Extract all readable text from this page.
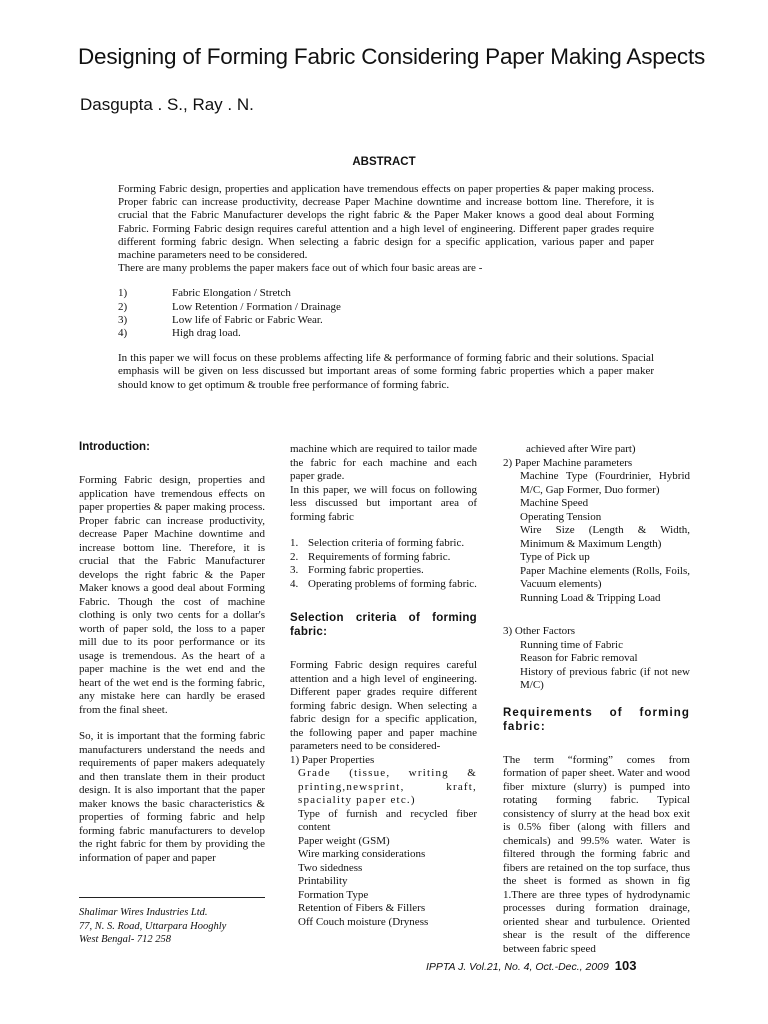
Designing of Forming Fabric Considering Paper Making Aspects

Dasgupta . S., Ray . N.

ABSTRACT

Forming Fabric design, properties and application have tremendous effects on paper properties & paper making process. Proper fabric can increase productivity, decrease Paper Machine downtime and increase bottom line. Therefore, it is crucial that the Fabric Manufacturer develops the right fabric & the Paper Maker knows a good deal about Forming Fabric. Forming Fabric design requires careful attention and a high level of engineering. Different paper grades require different forming fabric design. When selecting a fabric design for a specific application, various paper and paper machine parameters need to be considered.

There are many problems the paper makers face out of which four basic areas are -

1)	Fabric Elongation / Stretch
2)	Low Retention / Formation / Drainage
3)	Low life of Fabric or Fabric Wear.
4)	High drag load.

In this paper we will focus on these problems affecting life & performance of forming fabric and their solutions. Spacial emphasis will be given on less discussed but important areas of some forming fabric properties which a paper maker should know to get optimum & trouble free performance of forming fabric.

Introduction:

Forming Fabric design, properties and application have tremendous effects on paper properties & paper making process. Proper fabric can increase productivity, decrease Paper Machine downtime and increase bottom line. Therefore, it is crucial that the Fabric Manufacturer develops the right fabric & the Paper Maker knows a good deal about Forming Fabric. Though the cost of machine clothing is only two cents for a dollar's worth of paper sold, the loss to a paper mill due to its poor performance or its usage is tremendous. As the heart of a paper machine is the wet end and the heart of the wet end is the forming fabric, any mistake here can hardly be erased from the final sheet.

So, it is important that the forming fabric manufacturers understand the needs and requirements of paper makers adequately and then translate them in their product design. It is also important that the paper maker knows the basic characteristics & properties of forming fabric and help forming fabric manufacturers to develop the right fabric for them by providing the information of paper and paper

Shalimar Wires Industries Ltd.

77, N. S. Road, Uttarpara Hooghly

West Bengal- 712 258

machine which are required to tailor made the fabric for each machine and each paper grade.

In this paper, we will focus on following less discussed but important area of forming fabric

1. Selection criteria of forming fabric.
2. Requirements of forming fabric.
3. Forming fabric properties.
4. Operating problems of forming fabric.
Selection criteria of forming fabric:

Forming Fabric design requires careful attention and a high level of engineering. Different paper grades require different forming fabric design. When selecting a fabric design for a specific application, the following paper and paper machine parameters need to be considered-

1) Paper Properties

Grade (tissue, writing & printing,newsprint, kraft, spaciality paper etc.)

Type of furnish and recycled fiber content

Paper weight (GSM)

Wire marking considerations

Two sidedness

Printability

Formation Type

Retention of Fibers & Fillers

Off Couch moisture (Dryness

achieved after Wire part)

2) Paper Machine parameters

Machine Type (Fourdrinier, Hybrid M/C, Gap Former, Duo former)

Machine Speed

Operating Tension

Wire Size (Length & Width, Minimum & Maximum Length)

Type of Pick up

Paper Machine elements (Rolls, Foils, Vacuum elements)

Running Load & Tripping Load

3) Other Factors

Running time of Fabric

Reason for Fabric removal

History of previous fabric (if not new M/C)

Requirements of forming fabric:

The term “forming” comes from formation of paper sheet. Water and wood fiber mixture (slurry) is pumped into rotating forming fabric. Typical consistency of slurry at the head box exit is 0.5% fiber (along with fillers and chemicals) and 99.5% water. Water is filtered through the forming fabric and fibers are retained on the top surface, thus the sheet is formed as shown in fig 1.There are three types of hydrodynamic processes during formation drainage, oriented shear and turbulence. Oriented shear is the result of the difference between fabric speed

IPPTA J. Vol.21, No. 4, Oct.-Dec., 2009 103
